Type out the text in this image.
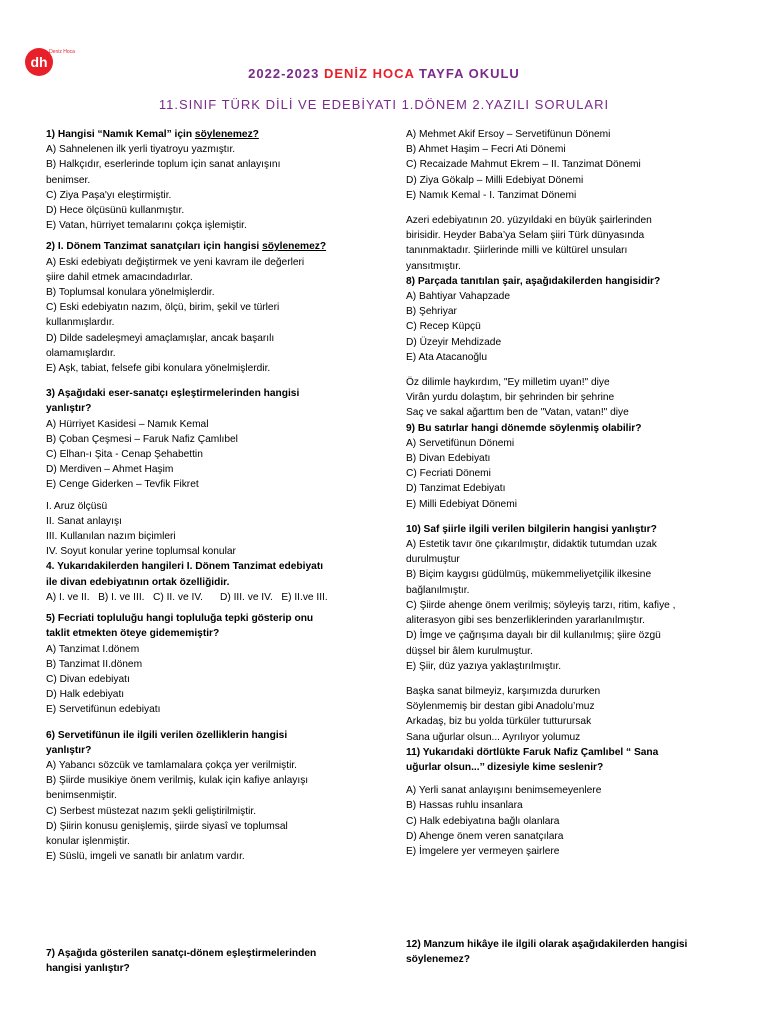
dh
Deniz Hoca
2022-2023 DENİZ HOCA TAYFA OKULU
11.SINIF TÜRK DİLİ VE EDEBİYATI 1.DÖNEM 2.YAZILI SORULARI

1) Hangisi “Namık Kemal” için söylenemez?

A) Sahnelenen ilk yerli tiyatroyu yazmıştır.

B) Halkçıdır, eserlerinde toplum için sanat anlayışını

benimser.

C) Ziya Paşa'yı eleştirmiştir.

D) Hece ölçüsünü kullanmıştır.

E) Vatan, hürriyet temalarını çokça işlemiştir.

2) I. Dönem Tanzimat sanatçıları için hangisi söylenemez?

A) Eski edebiyatı değiştirmek ve yeni kavram ile değerleri

şiire dahil etmek amacındadırlar.

B) Toplumsal konulara yönelmişlerdir.

C) Eski edebiyatın nazım, ölçü, birim, şekil ve türleri

kullanmışlardır.

D) Dilde sadeleşmeyi amaçlamışlar, ancak başarılı

olamamışlardır.

E) Aşk, tabiat, felsefe gibi konulara yönelmişlerdir.

3) Aşağıdaki eser-sanatçı eşleştirmelerinden hangisi

yanlıştır?

A) Hürriyet Kasidesi – Namık Kemal

B) Çoban Çeşmesi – Faruk Nafiz Çamlıbel

C) Elhan-ı Şita - Cenap Şehabettin

D) Merdiven – Ahmet Haşim

E) Cenge Giderken – Tevfik Fikret

I. Aruz ölçüsü

II. Sanat anlayışı

III. Kullanılan nazım biçimleri

IV. Soyut konular yerine toplumsal konular

4. Yukarıdakilerden hangileri I. Dönem Tanzimat edebiyatı

ile divan edebiyatının ortak özelliğidir.

A) I. ve II.   B) I. ve III.   C) II. ve IV.      D) III. ve IV.   E) II.ve III.

5) Fecriati topluluğu hangi topluluğa tepki gösterip onu

taklit etmekten öteye gidememiştir?

A) Tanzimat I.dönem

B) Tanzimat II.dönem

C) Divan edebiyatı

D) Halk edebiyatı

E) Servetifünun edebiyatı

6) Servetifünun ile ilgili verilen özelliklerin hangisi

yanlıştır?

A) Yabancı sözcük ve tamlamalara çokça yer verilmiştir.

B) Şiirde musikiye önem verilmiş, kulak için kafiye anlayışı

benimsenmiştir.

C) Serbest müstezat nazım şekli geliştirilmiştir.

D) Şiirin konusu genişlemiş, şiirde siyasî ve toplumsal

konular işlenmiştir.

E) Süslü, imgeli ve sanatlı bir anlatım vardır.

7) Aşağıda gösterilen sanatçı-dönem eşleştirmelerinden

hangisi yanlıştır?

A) Mehmet Akif Ersoy – Servetifünun Dönemi

B) Ahmet Haşim – Fecri Ati Dönemi

C) Recaizade Mahmut Ekrem – II. Tanzimat Dönemi

D) Ziya Gökalp – Milli Edebiyat Dönemi

E) Namık Kemal - I. Tanzimat Dönemi

Azeri edebiyatının 20. yüzyıldaki en büyük şairlerinden

birisidir. Heyder Baba’ya Selam şiiri Türk dünyasında

tanınmaktadır. Şiirlerinde milli ve kültürel unsuları

yansıtmıştır.

8) Parçada tanıtılan şair, aşağıdakilerden hangisidir?

A) Bahtiyar Vahapzade

B) Şehriyar

C) Recep Küpçü

D) Üzeyir Mehdizade

E) Ata Atacanoğlu

Öz dilimle haykırdım, "Ey milletim uyan!" diye

Virân yurdu dolaştım, bir şehrinden bir şehrine

Saç ve sakal ağarttım ben de "Vatan, vatan!" diye

9) Bu satırlar hangi dönemde söylenmiş olabilir?

A) Servetifünun Dönemi

B) Divan Edebiyatı

C) Fecriati Dönemi

D) Tanzimat Edebiyatı

E) Milli Edebiyat Dönemi

10) Saf şiirle ilgili verilen bilgilerin hangisi yanlıştır?

A) Estetik tavır öne çıkarılmıştır, didaktik tutumdan uzak

durulmuştur

B) Biçim kaygısı güdülmüş, mükemmeliyetçilik ilkesine

bağlanılmıştır.

C) Şiirde ahenge önem verilmiş; söyleyiş tarzı, ritim, kafiye ,

aliterasyon gibi ses benzerliklerinden yararlanılmıştır.

D) İmge ve çağrışıma dayalı bir dil kullanılmış; şiire özgü

düşsel bir âlem kurulmuştur.

E) Şiir, düz yazıya yaklaştırılmıştır.

Başka sanat bilmeyiz, karşımızda dururken

Söylenmemiş bir destan gibi Anadolu’muz

Arkadaş, biz bu yolda türküler tutturursak

Sana uğurlar olsun... Ayrılıyor yolumuz

11) Yukarıdaki dörtlükte Faruk Nafiz Çamlıbel “ Sana

uğurlar olsun...’’ dizesiyle kime seslenir?

A) Yerli sanat anlayışını benimsemeyenlere

B) Hassas ruhlu insanlara

C) Halk edebiyatına bağlı olanlara

D) Ahenge önem veren sanatçılara

E) İmgelere yer vermeyen şairlere

12) Manzum hikâye ile ilgili olarak aşağıdakilerden hangisi

söylenemez?
